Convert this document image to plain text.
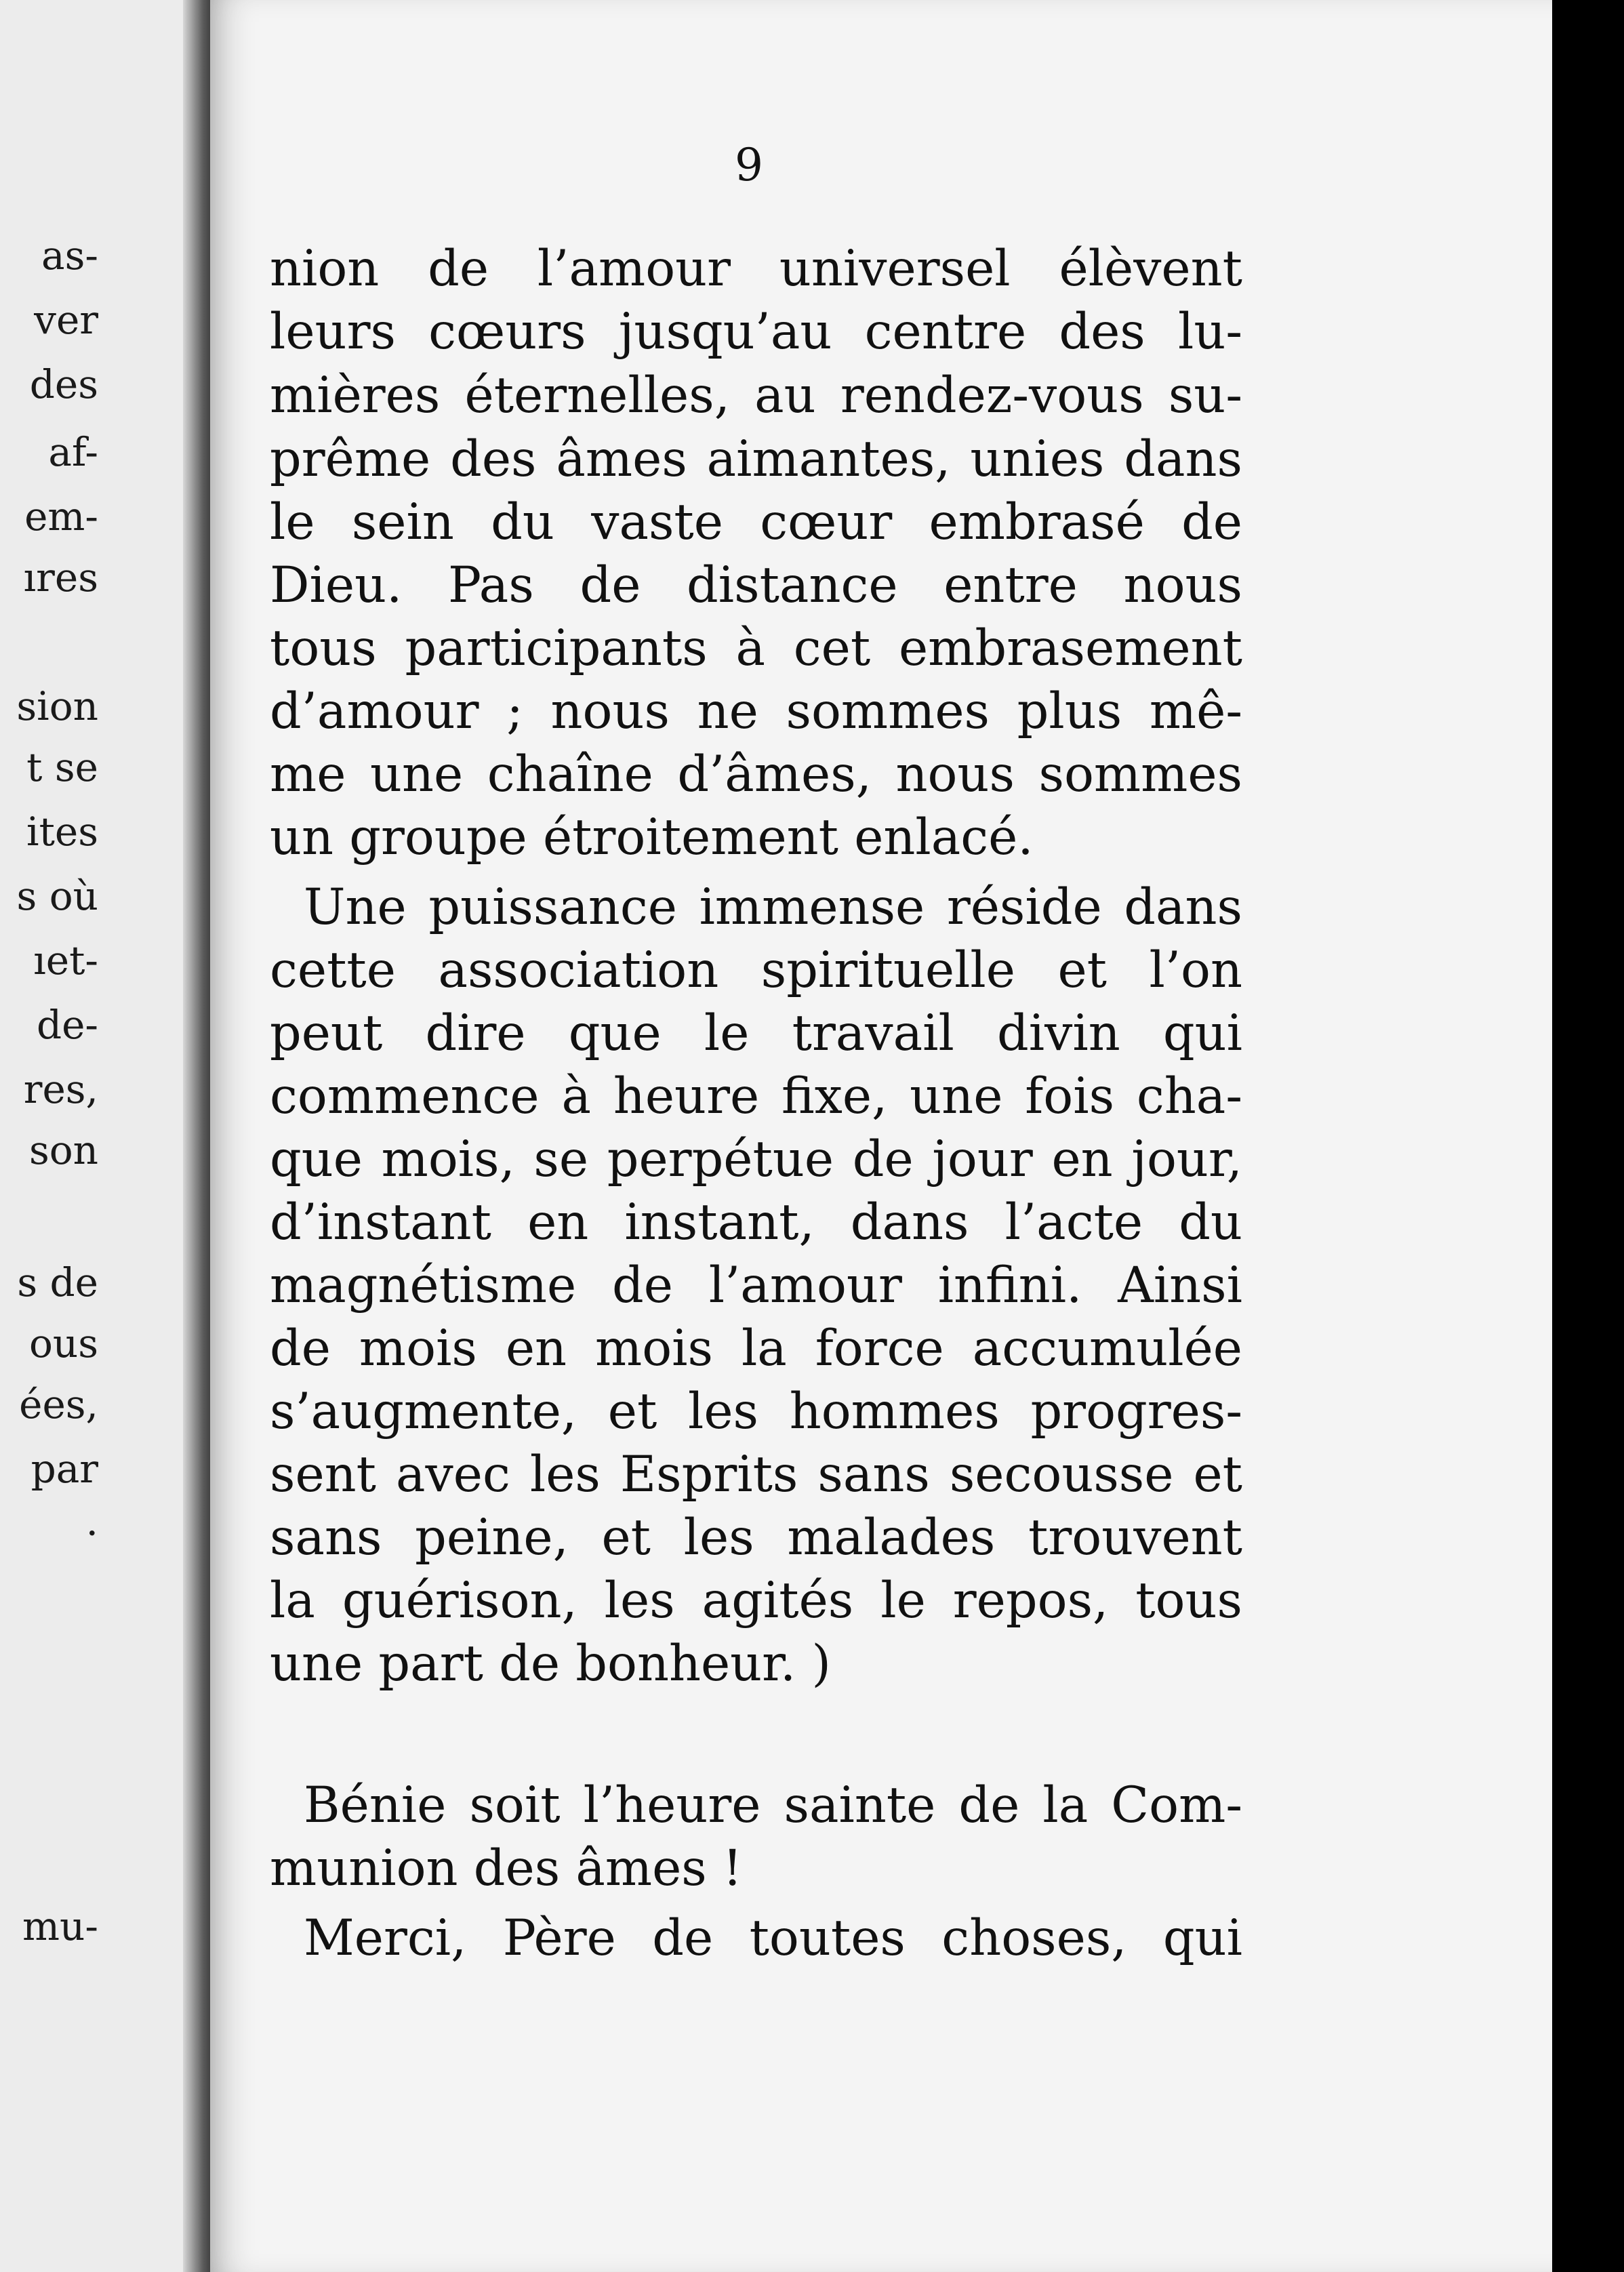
as-
ver
des
af-
em-
ıres
sion
t se
ites
s où
ıet-
de-
res,
son
s de
ous
ées,
par
·
mu-
9
nion de l’amour universel élèvent
leurs cœurs jusqu’au centre des lu-
mières éternelles, au rendez-vous su-
prême des âmes aimantes, unies dans
le sein du vaste cœur embrasé de
Dieu. Pas de distance entre nous
tous participants à cet embrasement
d’amour ; nous ne sommes plus mê-
me une chaîne d’âmes, nous sommes
un groupe étroitement enlacé.
Une puissance immense réside dans
cette association spirituelle et l’on
peut dire que le travail divin qui
commence à heure fixe, une fois cha-
que mois, se perpétue de jour en jour,
d’instant en instant, dans l’acte du
magnétisme de l’amour infini. Ainsi
de mois en mois la force accumulée
s’augmente, et les hommes progres-
sent avec les Esprits sans secousse et
sans peine, et les malades trouvent
la guérison, les agités le repos, tous
une part de bonheur. )
Bénie soit l’heure sainte de la Com-
munion des âmes !
Merci, Père de toutes choses, qui
